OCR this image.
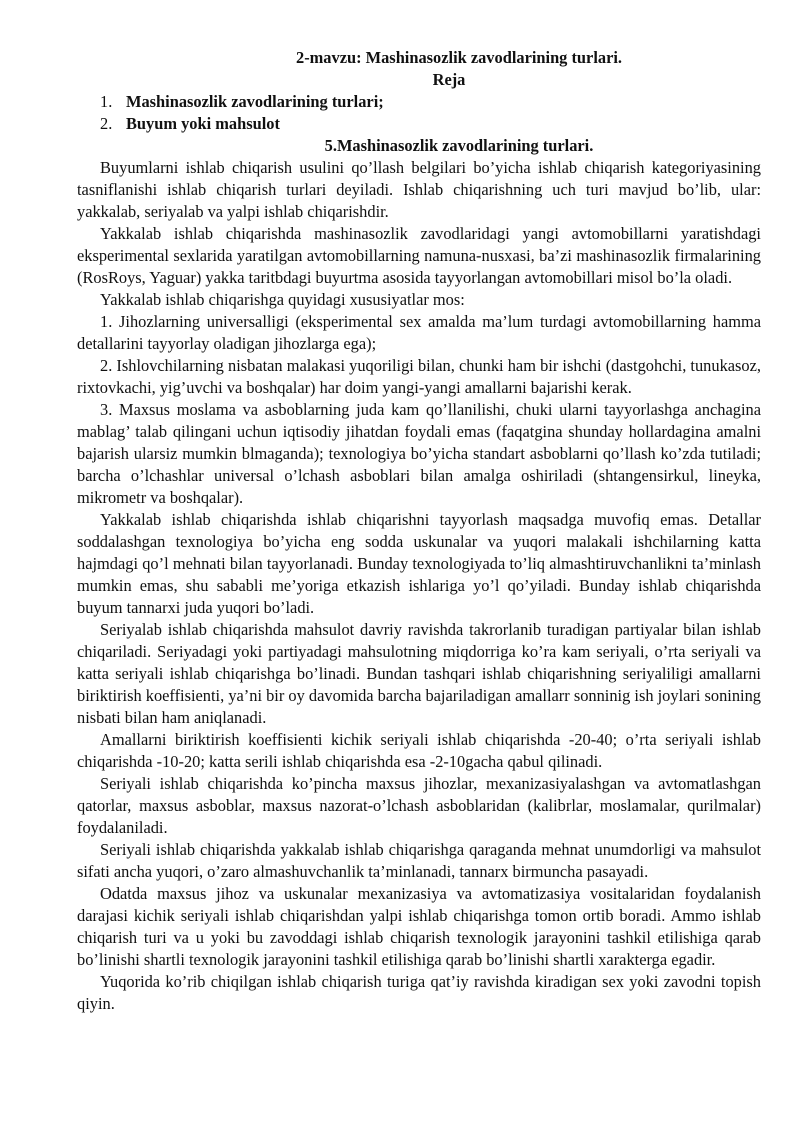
2-mavzu: Mashinasozlik zavodlarining turlari.
Reja
1. Mashinasozlik zavodlarining turlari;
2. Buyum yoki mahsulot
5.Mashinasozlik zavodlarining turlari.

Buyumlarni ishlab chiqarish usulini qo’llash belgilari bo’yicha ishlab chiqarish kategoriyasining tasniflanishi ishlab chiqarish turlari deyiladi. Ishlab chiqarishning uch turi mavjud bo’lib, ular: yakkalab, seriyalab va yalpi ishlab chiqarishdir.

Yakkalab ishlab chiqarishda mashinasozlik zavodlaridagi yangi avtomobillarni yaratishdagi eksperimental sexlarida yaratilgan avtomobillarning namuna-nusxasi, ba’zi mashinasozlik firmalarining (RosRoys, Yaguar) yakka taritbdagi buyurtma asosida tayyorlangan avtomobillari misol bo’la oladi.

Yakkalab ishlab chiqarishga quyidagi xususiyatlar mos:

1. Jihozlarning universalligi (eksperimental sex amalda ma’lum turdagi avtomobillarning hamma detallarini tayyorlay oladigan jihozlarga ega);

2. Ishlovchilarning nisbatan malakasi yuqoriligi bilan, chunki ham bir ishchi (dastgohchi, tunukasoz, rixtovkachi, yig’uvchi va boshqalar) har doim yangi-yangi amallarni bajarishi kerak.

3. Maxsus moslama va asboblarning juda kam qo’llanilishi, chuki ularni tayyorlashga anchagina mablag’ talab qilingani uchun iqtisodiy jihatdan foydali emas (faqatgina shunday hollardagina amalni bajarish ularsiz mumkin blmaganda); texnologiya bo’yicha standart asboblarni qo’llash ko’zda tutiladi; barcha o’lchashlar universal o’lchash asboblari bilan amalga oshiriladi (shtangensirkul, lineyka, mikrometr va boshqalar).

Yakkalab ishlab chiqarishda ishlab chiqarishni tayyorlash maqsadga muvofiq emas. Detallar soddalashgan texnologiya bo’yicha eng sodda uskunalar va yuqori malakali ishchilarning katta hajmdagi qo’l mehnati bilan tayyorlanadi. Bunday texnologiyada to’liq almashtiruvchanlikni ta’minlash mumkin emas, shu sababli me’yoriga etkazish ishlariga yo’l qo’yiladi. Bunday ishlab chiqarishda buyum tannarxi juda yuqori bo’ladi.

Seriyalab ishlab chiqarishda mahsulot davriy ravishda takrorlanib turadigan partiyalar bilan ishlab chiqariladi. Seriyadagi yoki partiyadagi mahsulotning miqdorriga ko’ra kam seriyali, o’rta seriyali va katta seriyali ishlab chiqarishga bo’linadi. Bundan tashqari ishlab chiqarishning seriyaliligi amallarni biriktirish koeffisienti, ya’ni bir oy davomida barcha bajariladigan amallarr sonninig ish joylari sonining nisbati bilan ham aniqlanadi.

Amallarni biriktirish koeffisienti kichik seriyali ishlab chiqarishda -20-40; o’rta seriyali ishlab chiqarishda -10-20; katta serili ishlab chiqarishda esa -2-10gacha qabul qilinadi.

Seriyali ishlab chiqarishda ko’pincha maxsus jihozlar, mexanizasiyalashgan va avtomatlashgan qatorlar, maxsus asboblar, maxsus nazorat-o’lchash asboblaridan (kalibrlar, moslamalar, qurilmalar) foydalaniladi.

Seriyali ishlab chiqarishda yakkalab ishlab chiqarishga qaraganda mehnat unumdorligi va mahsulot sifati ancha yuqori, o’zaro almashuvchanlik ta’minlanadi, tannarx birmuncha pasayadi.

Odatda maxsus jihoz va uskunalar mexanizasiya va avtomatizasiya vositalaridan foydalanish darajasi kichik seriyali ishlab chiqarishdan yalpi ishlab chiqarishga tomon ortib boradi. Ammo ishlab chiqarish turi va u yoki bu zavoddagi ishlab chiqarish texnologik jarayonini tashkil etilishiga qarab bo’linishi shartli texnologik jarayonini tashkil etilishiga qarab bo’linishi shartli xarakterga egadir.

Yuqorida ko’rib chiqilgan ishlab chiqarish turiga qat’iy ravishda kiradigan sex yoki zavodni topish qiyin.
